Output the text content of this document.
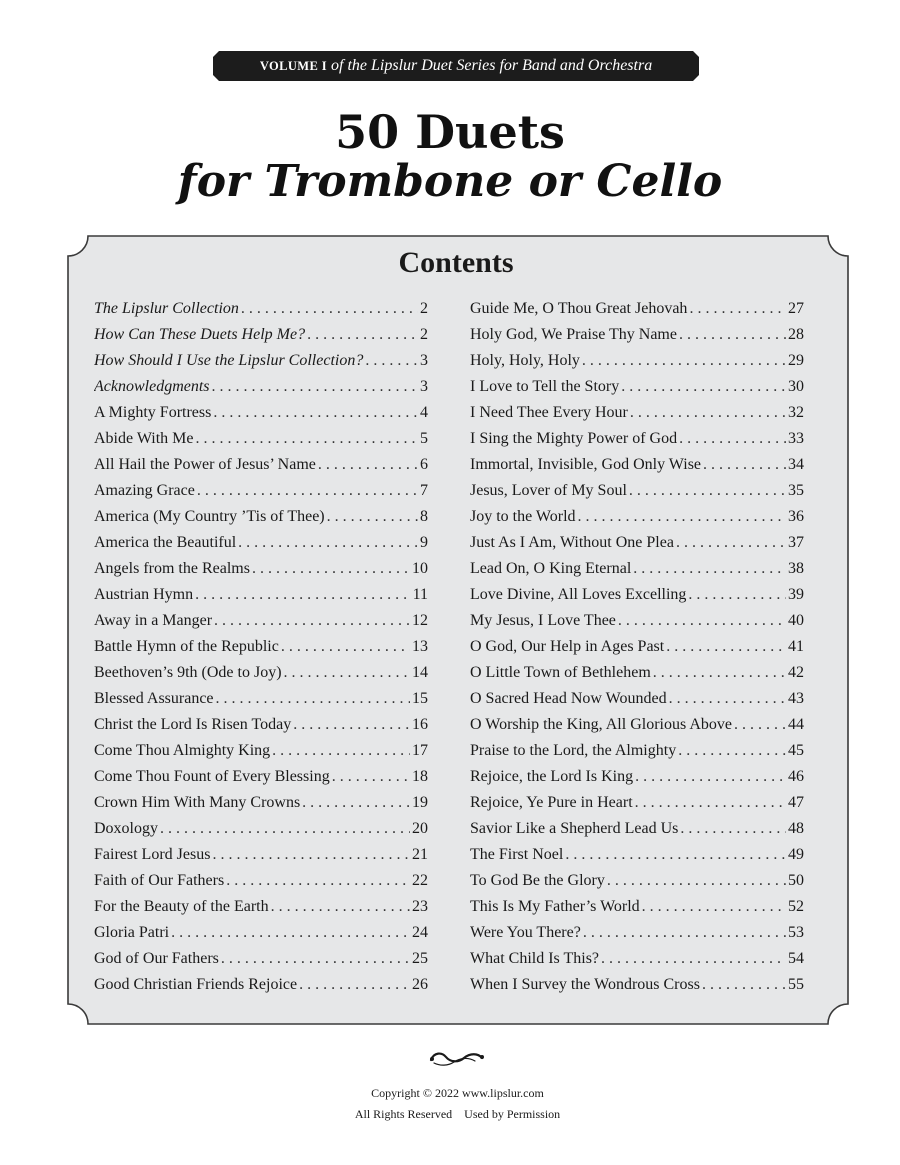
VOLUME I of the Lipslur Duet Series for Band and Orchestra
50 Duets
for Trombone or Cello
Contents
The Lipslur Collection . . .	2
How Can These Duets Help Me? . . .	2
How Should I Use the Lipslur Collection? . . .	3
Acknowledgments . . .	3
A Mighty Fortress . . .	4
Abide With Me . . .	5
All Hail the Power of Jesus’ Name . . .	6
Amazing Grace . . .	7
America (My Country ’Tis of Thee) . . .	8
America the Beautiful . . .	9
Angels from the Realms . . .	10
Austrian Hymn . . .	11
Away in a Manger . . .	12
Battle Hymn of the Republic . . .	13
Beethoven’s 9th (Ode to Joy) . . .	14
Blessed Assurance . . .	15
Christ the Lord Is Risen Today . . .	16
Come Thou Almighty King . . .	17
Come Thou Fount of Every Blessing . . .	18
Crown Him With Many Crowns . . .	19
Doxology . . .	20
Fairest Lord Jesus . . .	21
Faith of Our Fathers . . .	22
For the Beauty of the Earth . . .	23
Gloria Patri . . .	24
God of Our Fathers . . .	25
Good Christian Friends Rejoice . . .	26
Guide Me, O Thou Great Jehovah . . .	27
Holy God, We Praise Thy Name . . .	28
Holy, Holy, Holy . . .	29
I Love to Tell the Story . . .	30
I Need Thee Every Hour . . .	32
I Sing the Mighty Power of God . . .	33
Immortal, Invisible, God Only Wise . . .	34
Jesus, Lover of My Soul . . .	35
Joy to the World . . .	36
Just As I Am, Without One Plea . . .	37
Lead On, O King Eternal . . .	38
Love Divine, All Loves Excelling . . .	39
My Jesus, I Love Thee . . .	40
O God, Our Help in Ages Past . . .	41
O Little Town of Bethlehem . . .	42
O Sacred Head Now Wounded . . .	43
O Worship the King, All Glorious Above . . .	44
Praise to the Lord, the Almighty . . .	45
Rejoice, the Lord Is King . . .	46
Rejoice, Ye Pure in Heart . . .	47
Savior Like a Shepherd Lead Us . . .	48
The First Noel . . .	49
To God Be the Glory . . .	50
This Is My Father’s World . . .	52
Were You There? . . .	53
What Child Is This? . . .	54
When I Survey the Wondrous Cross . . .	55

Copyright © 2022 www.lipslur.com

All Rights Reserved Used by Permission
